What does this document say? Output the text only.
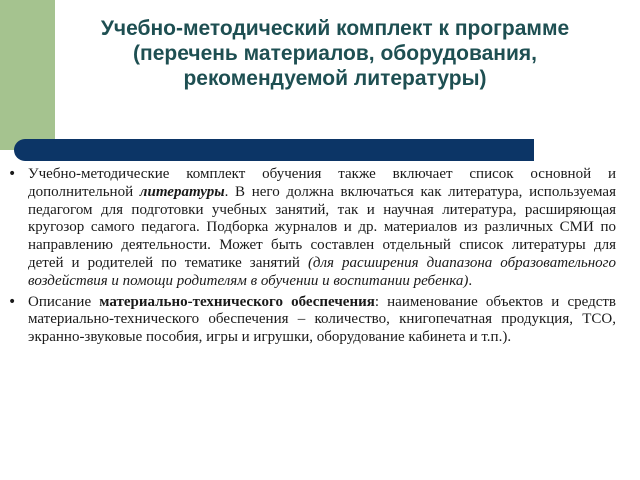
Учебно-методический комплект к программе (перечень материалов, оборудования, рекомендуемой литературы)
• Учебно-методические комплект обучения также включает список основной и дополнительной литературы. В него должна включаться как литература, используемая педагогом для подготовки учебных занятий, так и научная литература, расширяющая кругозор самого педагога. Подборка журналов и др. материалов из различных СМИ по направлению деятельности. Может быть составлен отдельный список литературы для детей и родителей по тематике занятий (для расширения диапазона образовательного воздействия и помощи родителям в обучении и воспитании ребенка).
• Описание материально-технического обеспечения: наименование объектов и средств материально-технического обеспечения – количество, книгопечатная продукция, ТСО, экранно-звуковые пособия, игры и игрушки, оборудование кабинета и т.п.).
